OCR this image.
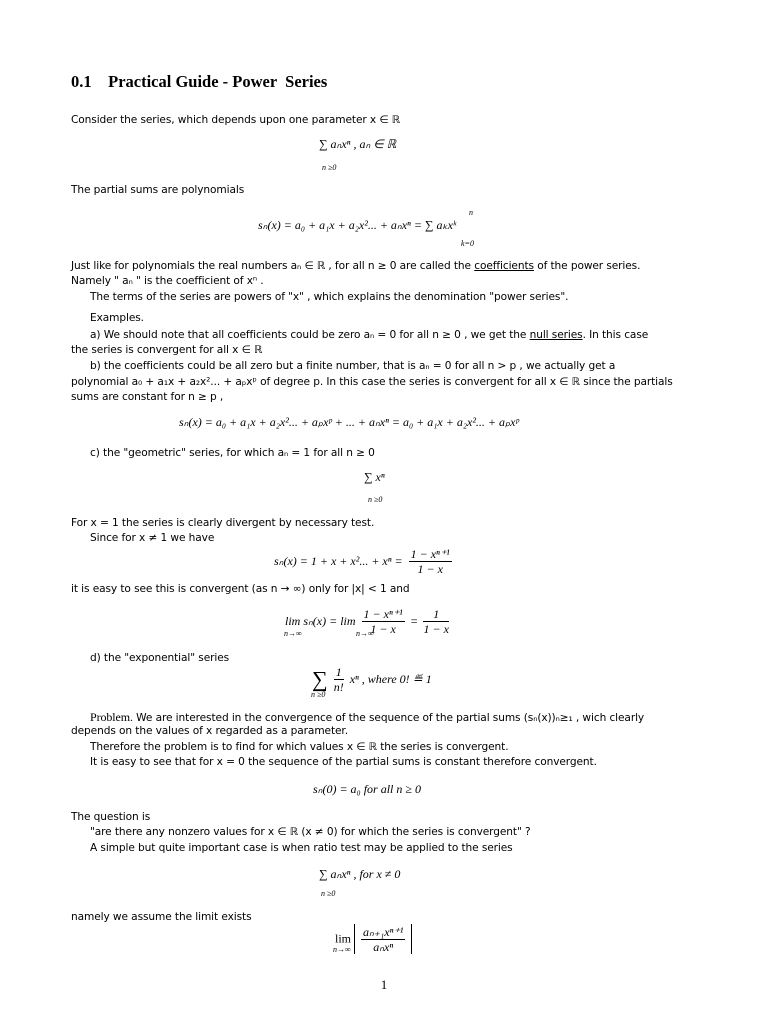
0.1 Practical Guide - Power  Series
Consider the series, which depends upon one parameter x ∈ ℝ
∑ aₙxⁿ , aₙ ∈ ℝ
n ≥0
The partial sums are polynomials
n
sₙ(x) = a₀ + a₁x + a₂x²... + aₙxⁿ = ∑ aₖxᵏ
k=0
Just like for polynomials the real numbers aₙ ∈ ℝ , for all n ≥ 0 are called the coefficients of the power series.
Namely " aₙ " is the coefficient of xⁿ .
The terms of the series are powers of "x" , which explains the denomination "power series".
Examples.
a) We should note that all coefficients could be zero aₙ = 0 for all n ≥ 0 , we get the null series. In this case
the series is convergent for all x ∈ ℝ
b) the coefficients could be all zero but a finite number, that is aₙ = 0 for all n > p , we actually get a
polynomial a₀ + a₁x + a₂x²... + aₚxᵖ of degree p. In this case the series is convergent for all x ∈ ℝ since the partials
sums are constant for n ≥ p ,
sₙ(x) = a₀ + a₁x + a₂x²... + aₚxᵖ + ... + aₙxⁿ = a₀ + a₁x + a₂x²... + aₚxᵖ
c) the "geometric" series, for which aₙ = 1 for all n ≥ 0
∑ xⁿ
n ≥0
For x = 1 the series is clearly divergent by necessary test.
Since for x ≠ 1 we have
sₙ(x) = 1 + x + x²... + $x^n = \frac{\text{1 − xⁿ⁺¹}}{1 - x}$
it is easy to see this is convergent (as n → ∞) only for |x| < 1 and
$\lim s_n(x) = \lim \frac{\text{1 − xⁿ⁺¹}}{1 - x} = \frac{1}{1 - x}$
n→∞	n→∞
d) the "exponential" series
∑ $\frac{1}{n!}$ xⁿ , where 0! ≝ 1
n ≥0
Problem. We are interested in the convergence of the sequence of the partial sums (sₙ(x))ₙ≥₁ , wich clearly
depends on the values of x regarded as a parameter.
Therefore the problem is to find for which values x ∈ ℝ the series is convergent.
It is easy to see that for x = 0 the sequence of the partial sums is constant therefore convergent.
sₙ(0) = a₀ for all n ≥ 0
The question is
"are there any nonzero values for x ∈ ℝ (x ≠ 0) for which the series is convergent" ?
A simple but quite important case is when ratio test may be applied to the series
∑ aₙxⁿ , for x ≠ 0
n ≥0
namely we assume the limit exists
$\lim \frac{\text{aₙ₊₁xⁿ⁺¹}}{\text{aₙxⁿ}}$

n→∞
1
